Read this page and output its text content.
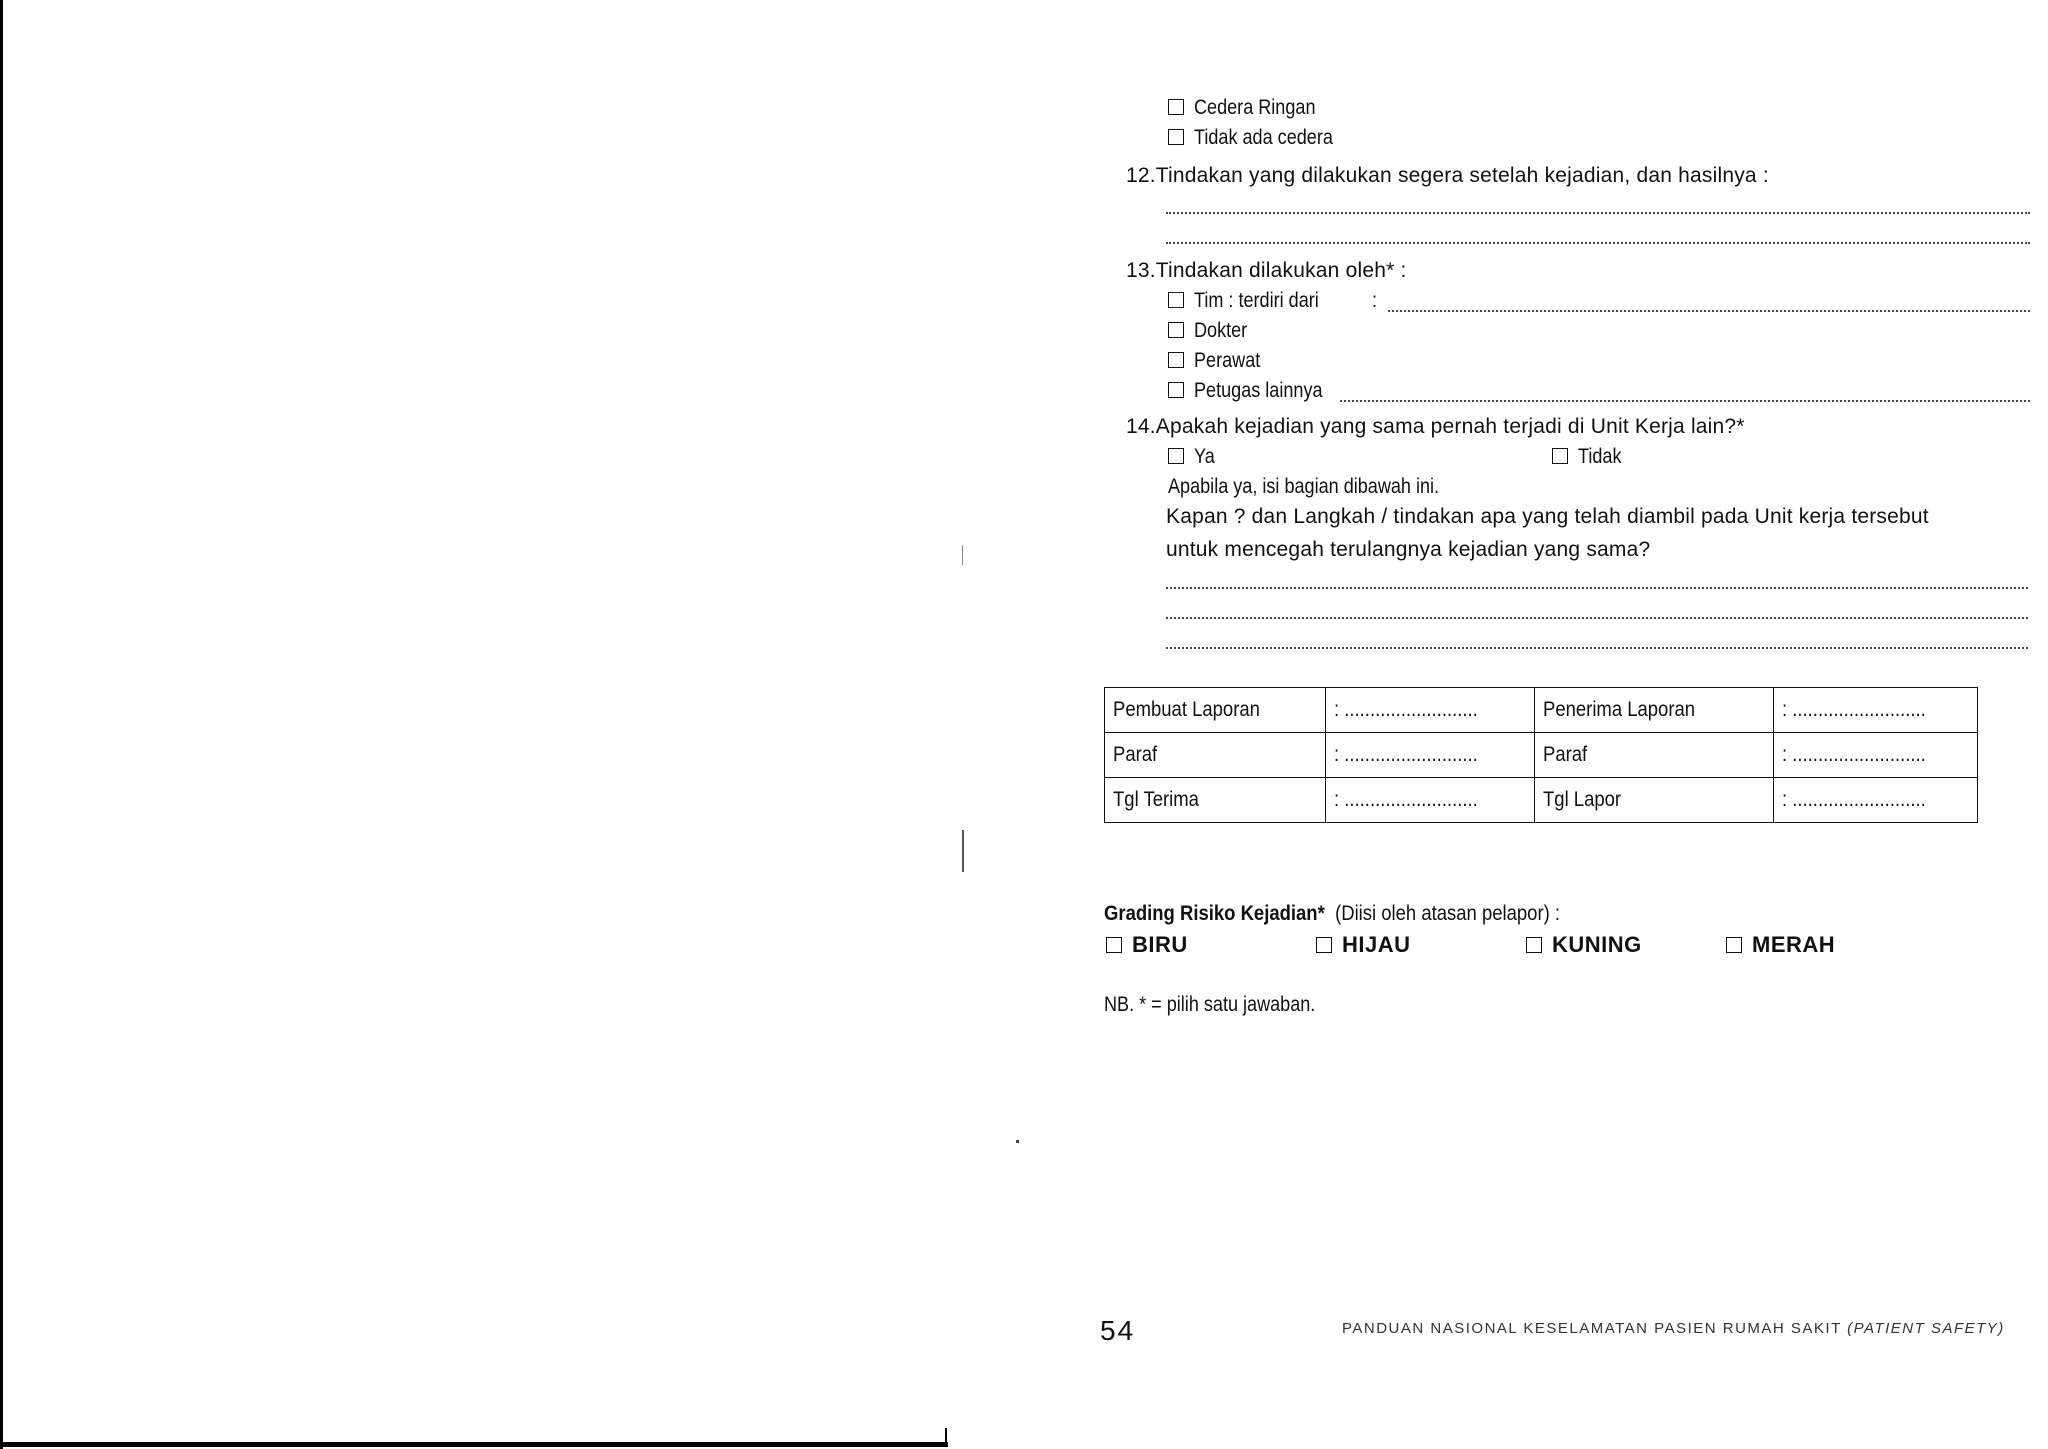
Cedera Ringan
Tidak ada cedera
12.Tindakan yang dilakukan segera setelah kejadian, dan hasilnya :
13.Tindakan dilakukan oleh* :
Tim : terdiri dari	:
Dokter
Perawat
Petugas lainnya
14.Apakah kejadian yang sama pernah terjadi di Unit Kerja lain?*
Ya	Tidak
Apabila ya, isi bagian dibawah ini.
Kapan ? dan Langkah / tindakan apa yang telah diambil pada Unit kerja tersebut
untuk mencegah terulangnya kejadian yang sama?
Pembuat Laporan	: ..........................	Penerima Laporan	: ..........................
Paraf	: ..........................	Paraf	: ..........................
Tgl Terima	: ..........................	Tgl Lapor	: ..........................
Grading Risiko Kejadian* (Diisi oleh atasan pelapor) :
BIRU	HIJAU	KUNING	MERAH
NB. * = pilih satu jawaban.
54	PANDUAN NASIONAL KESELAMATAN PASIEN RUMAH SAKIT (PATIENT SAFETY)
